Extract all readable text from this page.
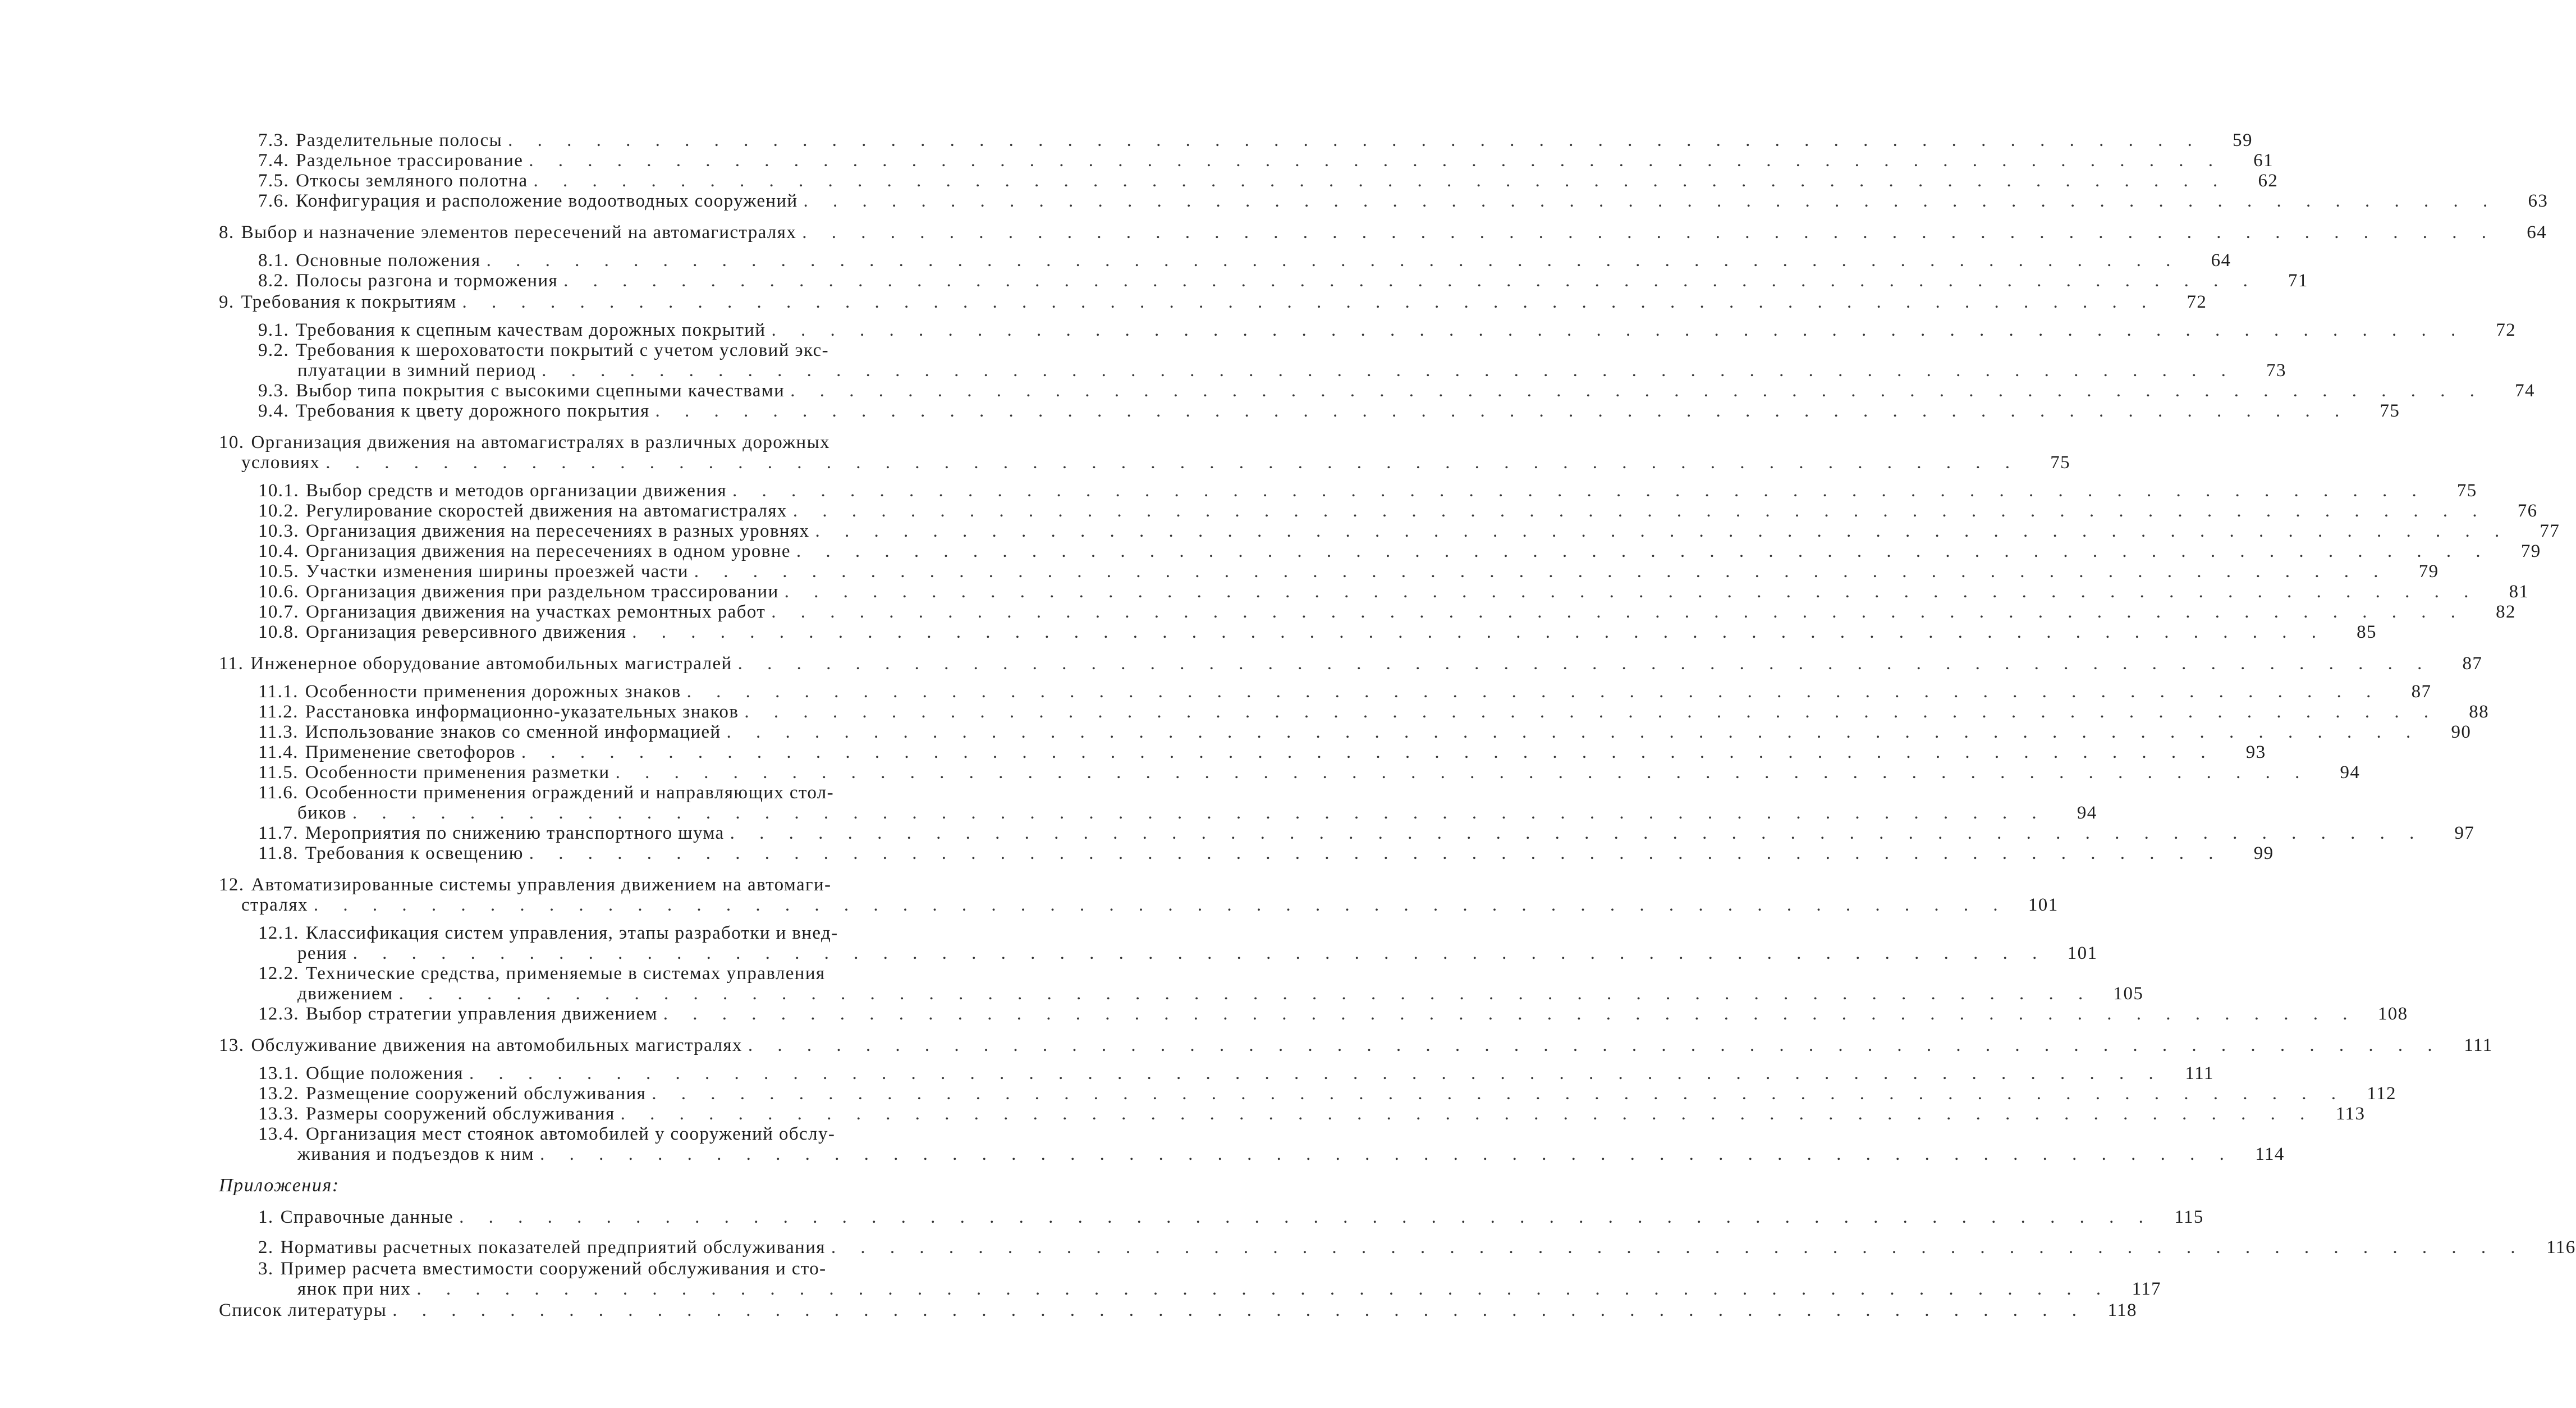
7.3. Разделительные полосы . . . . . . . . . . . . . . . . . . . . . . . . . . . . . . . . . . . . . . . . . . . . . . . . . . . . . . . . . .	59
7.4. Раздельное трассирование . . . . . . . . . . . . . . . . . . . . . . . . . . . . . . . . . . . . . . . . . . . . . . . . . . . . . . . . . .	61
7.5. Откосы земляного полотна . . . . . . . . . . . . . . . . . . . . . . . . . . . . . . . . . . . . . . . . . . . . . . . . . . . . . . . . . .	62
7.6. Конфигурация и расположение водоотводных сооружений . . . . . . . . . . . . . . . . . . . . . . . . . . . . . . . . . . . . . . . . . . . . . . . . . . . . . . . . . .	63
8. Выбор и назначение элементов пересечений на автомагистралях . . . . . . . . . . . . . . . . . . . . . . . . . . . . . . . . . . . . . . . . . . . . . . . . . . . . . . . . . .	64
8.1. Основные положения . . . . . . . . . . . . . . . . . . . . . . . . . . . . . . . . . . . . . . . . . . . . . . . . . . . . . . . . . .	64
8.2. Полосы разгона и торможения . . . . . . . . . . . . . . . . . . . . . . . . . . . . . . . . . . . . . . . . . . . . . . . . . . . . . . . . . .	71
9. Требования к покрытиям . . . . . . . . . . . . . . . . . . . . . . . . . . . . . . . . . . . . . . . . . . . . . . . . . . . . . . . . . .	72
9.1. Требования к сцепным качествам дорожных покрытий . . . . . . . . . . . . . . . . . . . . . . . . . . . . . . . . . . . . . . . . . . . . . . . . . . . . . . . . . .	72
9.2. Требования к шероховатости покрытий с учетом условий экс-
плуатации в зимний период . . . . . . . . . . . . . . . . . . . . . . . . . . . . . . . . . . . . . . . . . . . . . . . . . . . . . . . . . .	73
9.3. Выбор типа покрытия с высокими сцепными качествами . . . . . . . . . . . . . . . . . . . . . . . . . . . . . . . . . . . . . . . . . . . . . . . . . . . . . . . . . .	74
9.4. Требования к цвету дорожного покрытия . . . . . . . . . . . . . . . . . . . . . . . . . . . . . . . . . . . . . . . . . . . . . . . . . . . . . . . . . .	75
10. Организация движения на автомагистралях в различных дорожных
условиях . . . . . . . . . . . . . . . . . . . . . . . . . . . . . . . . . . . . . . . . . . . . . . . . . . . . . . . . . .	75
10.1. Выбор средств и методов организации движения . . . . . . . . . . . . . . . . . . . . . . . . . . . . . . . . . . . . . . . . . . . . . . . . . . . . . . . . . .	75
10.2. Регулирование скоростей движения на автомагистралях . . . . . . . . . . . . . . . . . . . . . . . . . . . . . . . . . . . . . . . . . . . . . . . . . . . . . . . . . .	76
10.3. Организация движения на пересечениях в разных уровнях . . . . . . . . . . . . . . . . . . . . . . . . . . . . . . . . . . . . . . . . . . . . . . . . . . . . . . . . . .	77
10.4. Организация движения на пересечениях в одном уровне . . . . . . . . . . . . . . . . . . . . . . . . . . . . . . . . . . . . . . . . . . . . . . . . . . . . . . . . . .	79
10.5. Участки изменения ширины проезжей части . . . . . . . . . . . . . . . . . . . . . . . . . . . . . . . . . . . . . . . . . . . . . . . . . . . . . . . . . .	79
10.6. Организация движения при раздельном трассировании . . . . . . . . . . . . . . . . . . . . . . . . . . . . . . . . . . . . . . . . . . . . . . . . . . . . . . . . . .	81
10.7. Организация движения на участках ремонтных работ . . . . . . . . . . . . . . . . . . . . . . . . . . . . . . . . . . . . . . . . . . . . . . . . . . . . . . . . . .	82
10.8. Организация реверсивного движения . . . . . . . . . . . . . . . . . . . . . . . . . . . . . . . . . . . . . . . . . . . . . . . . . . . . . . . . . .	85
11. Инженерное оборудование автомобильных магистралей . . . . . . . . . . . . . . . . . . . . . . . . . . . . . . . . . . . . . . . . . . . . . . . . . . . . . . . . . .	87
11.1. Особенности применения дорожных знаков . . . . . . . . . . . . . . . . . . . . . . . . . . . . . . . . . . . . . . . . . . . . . . . . . . . . . . . . . .	87
11.2. Расстановка информационно-указательных знаков . . . . . . . . . . . . . . . . . . . . . . . . . . . . . . . . . . . . . . . . . . . . . . . . . . . . . . . . . .	88
11.3. Использование знаков со сменной информацией . . . . . . . . . . . . . . . . . . . . . . . . . . . . . . . . . . . . . . . . . . . . . . . . . . . . . . . . . .	90
11.4. Применение светофоров . . . . . . . . . . . . . . . . . . . . . . . . . . . . . . . . . . . . . . . . . . . . . . . . . . . . . . . . . .	93
11.5. Особенности применения разметки . . . . . . . . . . . . . . . . . . . . . . . . . . . . . . . . . . . . . . . . . . . . . . . . . . . . . . . . . .	94
11.6. Особенности применения ограждений и направляющих стол-
биков . . . . . . . . . . . . . . . . . . . . . . . . . . . . . . . . . . . . . . . . . . . . . . . . . . . . . . . . . .	94
11.7. Мероприятия по снижению транспортного шума . . . . . . . . . . . . . . . . . . . . . . . . . . . . . . . . . . . . . . . . . . . . . . . . . . . . . . . . . .	97
11.8. Требования к освещению . . . . . . . . . . . . . . . . . . . . . . . . . . . . . . . . . . . . . . . . . . . . . . . . . . . . . . . . . .	99
12. Автоматизированные системы управления движением на автомаги-
стралях . . . . . . . . . . . . . . . . . . . . . . . . . . . . . . . . . . . . . . . . . . . . . . . . . . . . . . . . . .	101
12.1. Классификация систем управления, этапы разработки и внед-
рения . . . . . . . . . . . . . . . . . . . . . . . . . . . . . . . . . . . . . . . . . . . . . . . . . . . . . . . . . .	101
12.2. Технические средства, применяемые в системах управления
движением . . . . . . . . . . . . . . . . . . . . . . . . . . . . . . . . . . . . . . . . . . . . . . . . . . . . . . . . . .	105
12.3. Выбор стратегии управления движением . . . . . . . . . . . . . . . . . . . . . . . . . . . . . . . . . . . . . . . . . . . . . . . . . . . . . . . . . .	108
13. Обслуживание движения на автомобильных магистралях . . . . . . . . . . . . . . . . . . . . . . . . . . . . . . . . . . . . . . . . . . . . . . . . . . . . . . . . . .	111
13.1. Общие положения . . . . . . . . . . . . . . . . . . . . . . . . . . . . . . . . . . . . . . . . . . . . . . . . . . . . . . . . . .	111
13.2. Размещение сооружений обслуживания . . . . . . . . . . . . . . . . . . . . . . . . . . . . . . . . . . . . . . . . . . . . . . . . . . . . . . . . . .	112
13.3. Размеры сооружений обслуживания . . . . . . . . . . . . . . . . . . . . . . . . . . . . . . . . . . . . . . . . . . . . . . . . . . . . . . . . . .	113
13.4. Организация мест стоянок автомобилей у сооружений обслу-
живания и подъездов к ним . . . . . . . . . . . . . . . . . . . . . . . . . . . . . . . . . . . . . . . . . . . . . . . . . . . . . . . . . .	114
Приложения:
1. Справочные данные . . . . . . . . . . . . . . . . . . . . . . . . . . . . . . . . . . . . . . . . . . . . . . . . . . . . . . . . . .	115
2. Нормативы расчетных показателей предприятий обслуживания . . . . . . . . . . . . . . . . . . . . . . . . . . . . . . . . . . . . . . . . . . . . . . . . . . . . . . . . . .	116
3. Пример расчета вместимости сооружений обслуживания и сто-
янок при них . . . . . . . . . . . . . . . . . . . . . . . . . . . . . . . . . . . . . . . . . . . . . . . . . . . . . . . . . .	117
Список литературы . . . . . . . . . . . . . . . . . . . . . . . . . . . . . . . . . . . . . . . . . . . . . . . . . . . . . . . . . .	118
